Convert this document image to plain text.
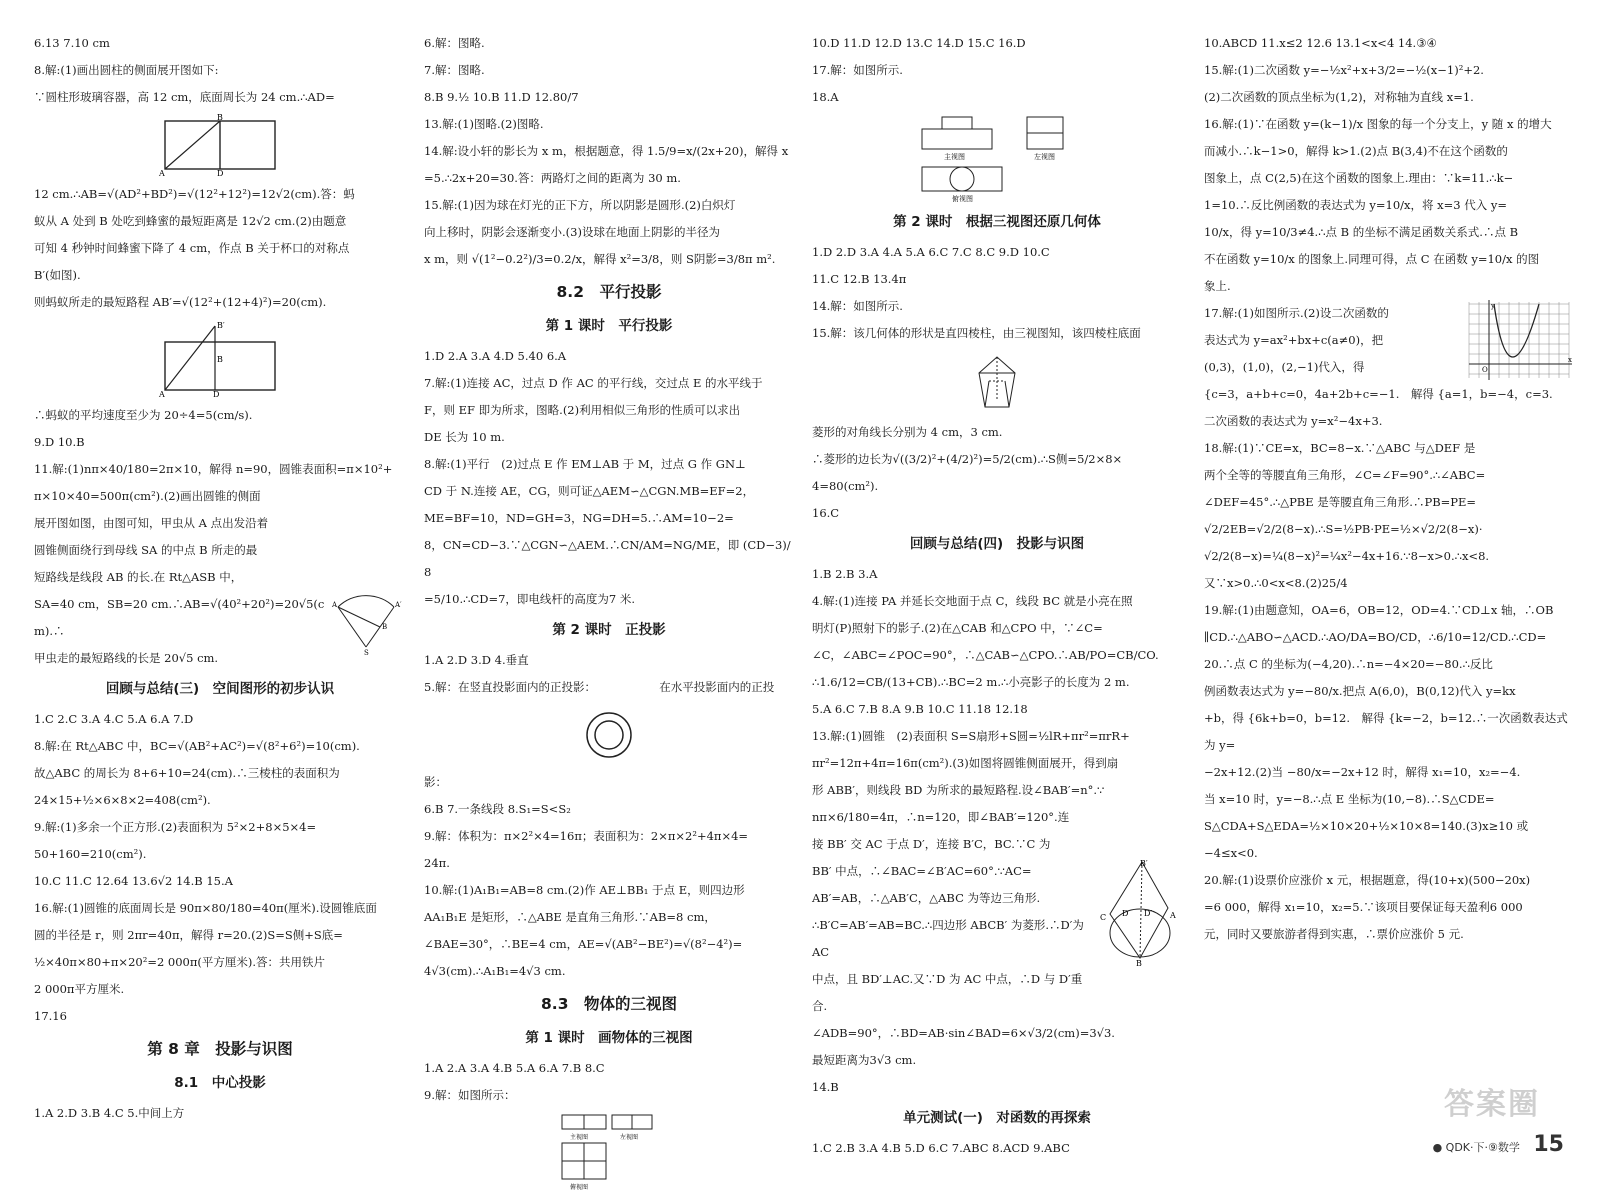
6.13 7.10 cm

8.解:(1)画出圆柱的侧面展开图如下:

∵圆柱形玻璃容器，高 12 cm，底面周长为 24 cm.∴AD=

B
A	D

12 cm.∴AB=√(AD²+BD²)=√(12²+12²)=12√2(cm).答：蚂

蚁从 A 处到 B 处吃到蜂蜜的最短距离是 12√2 cm.(2)由题意

可知 4 秒钟时间蜂蜜下降了 4 cm，作点 B 关于杯口的对称点

B′(如图).

则蚂蚁所走的最短路程 AB′=√(12²+(12+4)²)=20(cm).

B′
B
A	D

∴蚂蚁的平均速度至少为 20÷4=5(cm/s).

9.D 10.B

11.解:(1)nπ×40/180=2π×10，解得 n=90，圆锥表面积=π×10²+

π×10×40=500π(cm²).(2)画出圆锥的侧面

展开图如图，由图可知，甲虫从 A 点出发沿着

圆锥侧面绕行到母线 SA 的中点 B 所走的最

短路线是线段 AB 的长.在 Rt△ASB 中，

A	A′
B
S

SA=40 cm，SB=20 cm.∴AB=√(40²+20²)=20√5(cm).∴

甲虫走的最短路线的长是 20√5 cm.

回顾与总结(三)　空间图形的初步认识

1.C 2.C 3.A 4.C 5.A 6.A 7.D

8.解:在 Rt△ABC 中，BC=√(AB²+AC²)=√(8²+6²)=10(cm).

故△ABC 的周长为 8+6+10=24(cm).∴三棱柱的表面积为

24×15+½×6×8×2=408(cm²).

9.解:(1)多余一个正方形.(2)表面积为 5²×2+8×5×4=

50+160=210(cm²).

10.C 11.C 12.64 13.6√2 14.B 15.A

16.解:(1)圆锥的底面周长是 90π×80/180=40π(厘米).设圆锥底面

圆的半径是 r，则 2πr=40π，解得 r=20.(2)S=S侧+S底=

½×40π×80+π×20²=2 000π(平方厘米).答：共用铁片

2 000π平方厘米.

17.16

第 8 章　投影与识图

8.1　中心投影

1.A 2.D 3.B 4.C 5.中间上方

6.解：图略.

7.解：图略.

8.B 9.½ 10.B 11.D 12.80/7

13.解:(1)图略.(2)图略.

14.解:设小轩的影长为 x m，根据题意，得 1.5/9=x/(2x+20)，解得 x

=5.∴2x+20=30.答：两路灯之间的距离为 30 m.

15.解:(1)因为球在灯光的正下方，所以阴影是圆形.(2)白炽灯

向上移时，阴影会逐渐变小.(3)设球在地面上阴影的半径为

x m，则 √(1²−0.2²)/3=0.2/x，解得 x²=3/8，则 S阴影=3/8π m².

8.2　平行投影

第 1 课时　平行投影

1.D 2.A 3.A 4.D 5.40 6.A

7.解:(1)连接 AC，过点 D 作 AC 的平行线，交过点 E 的水平线于

F，则 EF 即为所求，图略.(2)利用相似三角形的性质可以求出

DE 长为 10 m.

8.解:(1)平行　(2)过点 E 作 EM⊥AB 于 M，过点 G 作 GN⊥

CD 于 N.连接 AE，CG，则可证△AEM∽△CGN.MB=EF=2，

ME=BF=10，ND=GH=3，NG=DH=5.∴AM=10−2=

8，CN=CD−3.∵△CGN∽△AEM.∴CN/AM=NG/ME，即 (CD−3)/8

=5/10.∴CD=7，即电线杆的高度为7 米.

第 2 课时　正投影

1.A 2.D 3.D 4.垂直

5.解：在竖直投影面内的正投影：　　　　　　在水平投影面内的正投

影：

6.B 7.一条线段 8.S₁=S<S₂

9.解：体积为：π×2²×4=16π；表面积为：2×π×2²+4π×4=

24π.

10.解:(1)A₁B₁=AB=8 cm.(2)作 AE⊥BB₁ 于点 E，则四边形

AA₁B₁E 是矩形，∴△ABE 是直角三角形.∵AB=8 cm，

∠BAE=30°，∴BE=4 cm，AE=√(AB²−BE²)=√(8²−4²)=

4√3(cm).∴A₁B₁=4√3 cm.

8.3　物体的三视图

第 1 课时　画物体的三视图

1.A 2.A 3.A 4.B 5.A 6.A 7.B 8.C

9.解：如图所示：

主视图	左视图
俯视图

10.D 11.D 12.D 13.C 14.D 15.C 16.D

17.解：如图所示.

18.A

主视图	左视图
俯视图

第 2 课时　根据三视图还原几何体

1.D 2.D 3.A 4.A 5.A 6.C 7.C 8.C 9.D 10.C

11.C 12.B 13.4π

14.解：如图所示.

15.解：该几何体的形状是直四棱柱，由三视图知，该四棱柱底面

菱形的对角线长分别为 4 cm，3 cm.

∴菱形的边长为√((3/2)²+(4/2)²)=5/2(cm).∴S侧=5/2×8×

4=80(cm²).

16.C

回顾与总结(四)　投影与识图

1.B 2.B 3.A

4.解:(1)连接 PA 并延长交地面于点 C，线段 BC 就是小亮在照

明灯(P)照射下的影子.(2)在△CAB 和△CPO 中，∵∠C=

∠C，∠ABC=∠POC=90°，∴△CAB∽△CPO.∴AB/PO=CB/CO.

∴1.6/12=CB/(13+CB).∴BC=2 m.∴小亮影子的长度为 2 m.

5.A 6.C 7.B 8.A 9.B 10.C 11.18 12.18

13.解:(1)圆锥　(2)表面积 S=S扇形+S圆=½lR+πr²=πrR+

πr²=12π+4π=16π(cm²).(3)如图将圆锥侧面展开，得到扇

形 ABB′，则线段 BD 为所求的最短路程.设∠BAB′=n°.∵

nπ×6/180=4π，∴n=120，即∠BAB′=120°.连

接 BB′ 交 AC 于点 D′，连接 B′C，BC.∵C 为

B′
A
C D D′
B

BB′ 中点，∴∠BAC=∠B′AC=60°.∵AC=

AB′=AB，∴△AB′C，△ABC 为等边三角形.

∴B′C=AB′=AB=BC.∴四边形 ABCB′ 为菱形.∴D′为 AC

中点，且 BD′⊥AC.又∵D 为 AC 中点，∴D 与 D′重合.

∠ADB=90°，∴BD=AB·sin∠BAD=6×√3/2(cm)=3√3.

最短距离为3√3 cm.

14.B

单元测试(一)　对函数的再探索

1.C 2.B 3.A 4.B 5.D 6.C 7.ABC 8.ACD 9.ABC

10.ABCD 11.x≤2 12.6 13.1<x<4 14.③④

15.解:(1)二次函数 y=−½x²+x+3/2=−½(x−1)²+2.

(2)二次函数的顶点坐标为(1,2)，对称轴为直线 x=1.

16.解:(1)∵在函数 y=(k−1)/x 图象的每一个分支上，y 随 x 的增大

而减小.∴k−1>0，解得 k>1.(2)点 B(3,4)不在这个函数的

图象上，点 C(2,5)在这个函数的图象上.理由：∵k=11.∴k−

1=10.∴反比例函数的表达式为 y=10/x，将 x=3 代入 y=

10/x，得 y=10/3≠4.∴点 B 的坐标不满足函数关系式.∴点 B

不在函数 y=10/x 的图象上.同理可得，点 C 在函数 y=10/x 的图

象上.

x
y
O

17.解:(1)如图所示.(2)设二次函数的

表达式为 y=ax²+bx+c(a≠0)，把

(0,3)，(1,0)，(2,−1)代入，得

{c=3，a+b+c=0，4a+2b+c=−1.　解得 {a=1，b=−4，c=3.

二次函数的表达式为 y=x²−4x+3.

18.解:(1)∵CE=x，BC=8−x.∵△ABC 与△DEF 是

两个全等的等腰直角三角形，∠C=∠F=90°.∴∠ABC=

∠DEF=45°.∴△PBE 是等腰直角三角形.∴PB=PE=

√2/2EB=√2/2(8−x).∴S=½PB·PE=½×√2/2(8−x)·

√2/2(8−x)=¼(8−x)²=¼x²−4x+16.∵8−x>0.∴x<8.

又∵x>0.∴0<x<8.(2)25/4

19.解:(1)由题意知，OA=6，OB=12，OD=4.∵CD⊥x 轴，∴OB

∥CD.∴△ABO∽△ACD.∴AO/DA=BO/CD，∴6/10=12/CD.∴CD=

20.∴点 C 的坐标为(−4,20).∴n=−4×20=−80.∴反比

例函数表达式为 y=−80/x.把点 A(6,0)，B(0,12)代入 y=kx

+b，得 {6k+b=0，b=12.　解得 {k=−2，b=12.∴一次函数表达式为 y=

−2x+12.(2)当 −80/x=−2x+12 时，解得 x₁=10，x₂=−4.

当 x=10 时，y=−8.∴点 E 坐标为(10,−8).∴S△CDE=

S△CDA+S△EDA=½×10×20+½×10×8=140.(3)x≥10 或

−4≤x<0.

20.解:(1)设票价应涨价 x 元，根据题意，得(10+x)(500−20x)

=6 000，解得 x₁=10，x₂=5.∵该项目要保证每天盈利6 000

元，同时又要旅游者得到实惠，∴票价应涨价 5 元.

答案圈
● QDK·下·⑨数学 15
